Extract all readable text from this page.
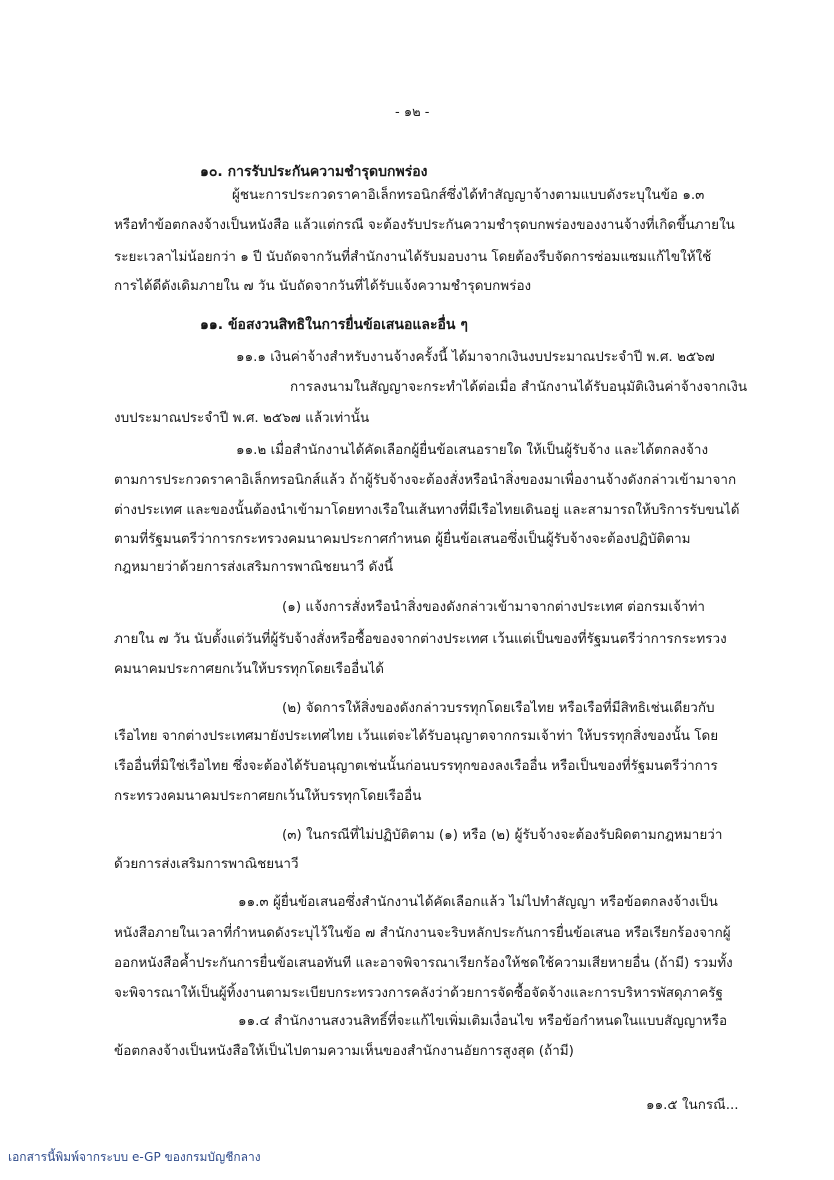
- ๑๒ -
๑๐. การรับประกันความชำรุดบกพร่อง
ผู้ชนะการประกวดราคาอิเล็กทรอนิกส์ซึ่งได้ทำสัญญาจ้างตามแบบดังระบุในข้อ ๑.๓
หรือทำข้อตกลงจ้างเป็นหนังสือ แล้วแต่กรณี จะต้องรับประกันความชำรุดบกพร่องของงานจ้างที่เกิดขึ้นภายใน
ระยะเวลาไม่น้อยกว่า ๑ ปี นับถัดจากวันที่สำนักงานได้รับมอบงาน โดยต้องรีบจัดการซ่อมแซมแก้ไขให้ใช้
การได้ดีดังเดิมภายใน ๗ วัน นับถัดจากวันที่ได้รับแจ้งความชำรุดบกพร่อง
๑๑. ข้อสงวนสิทธิในการยื่นข้อเสนอและอื่น ๆ
๑๑.๑ เงินค่าจ้างสำหรับงานจ้างครั้งนี้ ได้มาจากเงินงบประมาณประจำปี พ.ศ. ๒๕๖๗
การลงนามในสัญญาจะกระทำได้ต่อเมื่อ สำนักงานได้รับอนุมัติเงินค่าจ้างจากเงิน
งบประมาณประจำปี พ.ศ. ๒๕๖๗ แล้วเท่านั้น
๑๑.๒ เมื่อสำนักงานได้คัดเลือกผู้ยื่นข้อเสนอรายใด ให้เป็นผู้รับจ้าง และได้ตกลงจ้าง
ตามการประกวดราคาอิเล็กทรอนิกส์แล้ว ถ้าผู้รับจ้างจะต้องสั่งหรือนำสิ่งของมาเพื่องานจ้างดังกล่าวเข้ามาจาก
ต่างประเทศ และของนั้นต้องนำเข้ามาโดยทางเรือในเส้นทางที่มีเรือไทยเดินอยู่ และสามารถให้บริการรับขนได้
ตามที่รัฐมนตรีว่าการกระทรวงคมนาคมประกาศกำหนด ผู้ยื่นข้อเสนอซึ่งเป็นผู้รับจ้างจะต้องปฏิบัติตาม
กฎหมายว่าด้วยการส่งเสริมการพาณิชยนาวี ดังนี้
(๑) แจ้งการสั่งหรือนำสิ่งของดังกล่าวเข้ามาจากต่างประเทศ ต่อกรมเจ้าท่า
ภายใน ๗ วัน นับตั้งแต่วันที่ผู้รับจ้างสั่งหรือซื้อของจากต่างประเทศ เว้นแต่เป็นของที่รัฐมนตรีว่าการกระทรวง
คมนาคมประกาศยกเว้นให้บรรทุกโดยเรืออื่นได้
(๒) จัดการให้สิ่งของดังกล่าวบรรทุกโดยเรือไทย หรือเรือที่มีสิทธิเช่นเดียวกับ
เรือไทย จากต่างประเทศมายังประเทศไทย เว้นแต่จะได้รับอนุญาตจากกรมเจ้าท่า ให้บรรทุกสิ่งของนั้น โดย
เรืออื่นที่มิใช่เรือไทย ซึ่งจะต้องได้รับอนุญาตเช่นนั้นก่อนบรรทุกของลงเรืออื่น หรือเป็นของที่รัฐมนตรีว่าการ
กระทรวงคมนาคมประกาศยกเว้นให้บรรทุกโดยเรืออื่น
(๓) ในกรณีที่ไม่ปฏิบัติตาม (๑) หรือ (๒) ผู้รับจ้างจะต้องรับผิดตามกฎหมายว่า
ด้วยการส่งเสริมการพาณิชยนาวี
๑๑.๓ ผู้ยื่นข้อเสนอซึ่งสำนักงานได้คัดเลือกแล้ว ไม่ไปทำสัญญา หรือข้อตกลงจ้างเป็น
หนังสือภายในเวลาที่กำหนดดังระบุไว้ในข้อ ๗ สำนักงานจะริบหลักประกันการยื่นข้อเสนอ หรือเรียกร้องจากผู้
ออกหนังสือค้ำประกันการยื่นข้อเสนอทันที และอาจพิจารณาเรียกร้องให้ชดใช้ความเสียหายอื่น (ถ้ามี) รวมทั้ง
จะพิจารณาให้เป็นผู้ทิ้งงานตามระเบียบกระทรวงการคลังว่าด้วยการจัดซื้อจัดจ้างและการบริหารพัสดุภาครัฐ
๑๑.๔ สำนักงานสงวนสิทธิ์ที่จะแก้ไขเพิ่มเติมเงื่อนไข หรือข้อกำหนดในแบบสัญญาหรือ
ข้อตกลงจ้างเป็นหนังสือให้เป็นไปตามความเห็นของสำนักงานอัยการสูงสุด (ถ้ามี)
๑๑.๕ ในกรณี...
เอกสารนี้พิมพ์จากระบบ e-GP ของกรมบัญชีกลาง
